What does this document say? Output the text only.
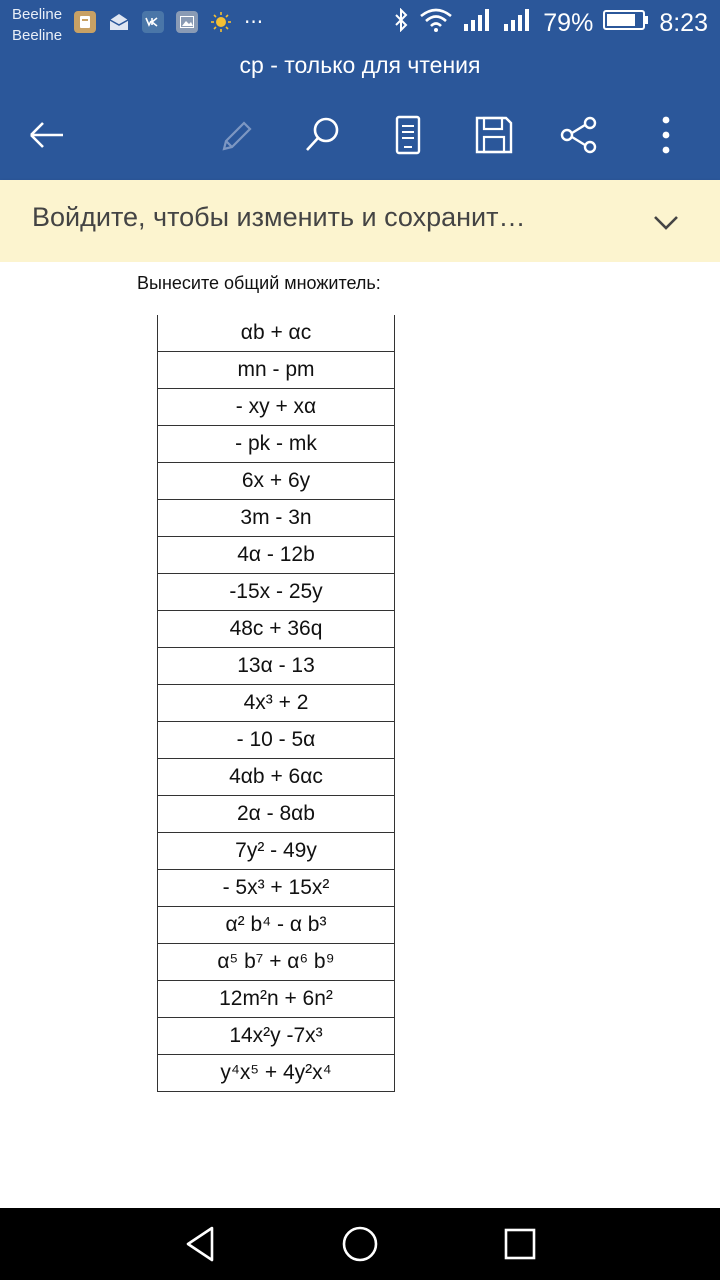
Beeline
Beeline
···	79%	8:23
ср - только для чтения
Войдите, чтобы изменить и сохранит…
Вынесите общий множитель:
αb + αc
mn - pm
- xy + xα
- pk - mk
6x + 6y
3m - 3n
4α - 12b
-15x - 25y
48c + 36q
13α - 13
4x³ + 2
- 10 - 5α
4αb + 6αc
2α - 8αb
7y² - 49y
- 5x³ + 15x²
α² b⁴ - α b³
α⁵ b⁷ + α⁶ b⁹
12m²n + 6n²
14x²y -7x³
y⁴x⁵ + 4y²x⁴
